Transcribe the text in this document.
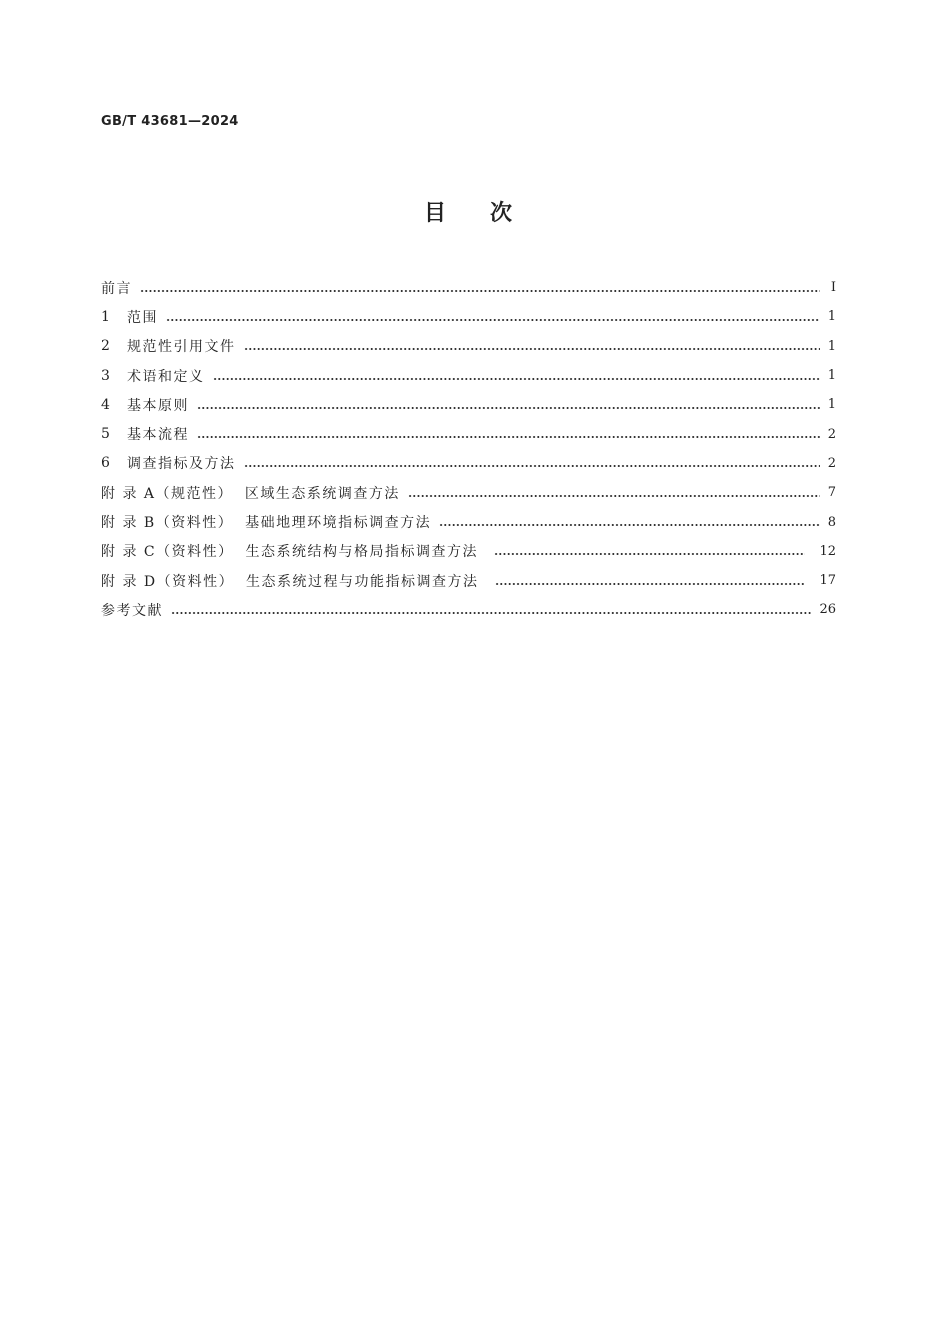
GB/T 43681—2024
目 次
前言	Ⅰ
1	范围	1
2	规范性引用文件	1
3	术语和定义	1
4	基本原则	1
5	基本流程	2
6	调查指标及方法	2
附 录 A（规范性）  区域生态系统调查方法	7
附 录 B（资料性）  基础地理环境指标调查方法	8
附 录 C（资料性）  生态系统结构与格局指标调查方法	12
附 录 D（资料性）  生态系统过程与功能指标调查方法	17
参考文献	26
